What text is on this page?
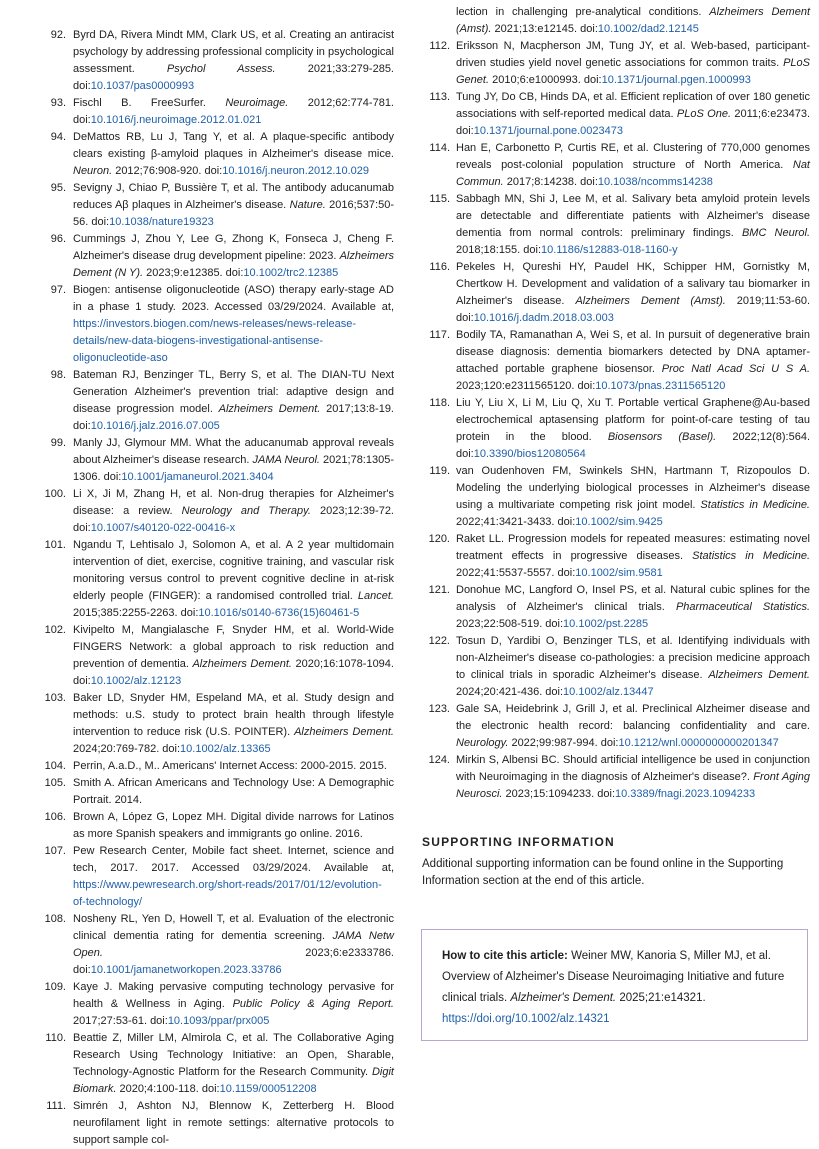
92. Byrd DA, Rivera Mindt MM, Clark US, et al. Creating an antiracist psychology by addressing professional complicity in psychological assessment. Psychol Assess. 2021;33:279-285. doi:10.1037/pas0000993
93. Fischl B. FreeSurfer. Neuroimage. 2012;62:774-781. doi:10.1016/j.neuroimage.2012.01.021
94. DeMattos RB, Lu J, Tang Y, et al. A plaque-specific antibody clears existing β-amyloid plaques in Alzheimer's disease mice. Neuron. 2012;76:908-920. doi:10.1016/j.neuron.2012.10.029
95. Sevigny J, Chiao P, Bussière T, et al. The antibody aducanumab reduces Aβ plaques in Alzheimer's disease. Nature. 2016;537:50-56. doi:10.1038/nature19323
96. Cummings J, Zhou Y, Lee G, Zhong K, Fonseca J, Cheng F. Alzheimer's disease drug development pipeline: 2023. Alzheimers Dement (N Y). 2023;9:e12385. doi:10.1002/trc2.12385
97. Biogen: antisense oligonucleotide (ASO) therapy early-stage AD in a phase 1 study. 2023. Accessed 03/29/2024. Available at, https://investors.biogen.com/news-releases/news-release-details/new-data-biogens-investigational-antisense-oligonucleotide-aso
98. Bateman RJ, Benzinger TL, Berry S, et al. The DIAN-TU Next Generation Alzheimer's prevention trial: adaptive design and disease progression model. Alzheimers Dement. 2017;13:8-19. doi:10.1016/j.jalz.2016.07.005
99. Manly JJ, Glymour MM. What the aducanumab approval reveals about Alzheimer's disease research. JAMA Neurol. 2021;78:1305-1306. doi:10.1001/jamaneurol.2021.3404
100. Li X, Ji M, Zhang H, et al. Non-drug therapies for Alzheimer's disease: a review. Neurology and Therapy. 2023;12:39-72. doi:10.1007/s40120-022-00416-x
101. Ngandu T, Lehtisalo J, Solomon A, et al. A 2 year multidomain intervention of diet, exercise, cognitive training, and vascular risk monitoring versus control to prevent cognitive decline in at-risk elderly people (FINGER): a randomised controlled trial. Lancet. 2015;385:2255-2263. doi:10.1016/s0140-6736(15)60461-5
102. Kivipelto M, Mangialasche F, Snyder HM, et al. World-Wide FINGERS Network: a global approach to risk reduction and prevention of dementia. Alzheimers Dement. 2020;16:1078-1094. doi:10.1002/alz.12123
103. Baker LD, Snyder HM, Espeland MA, et al. Study design and methods: u.S. study to protect brain health through lifestyle intervention to reduce risk (U.S. POINTER). Alzheimers Dement. 2024;20:769-782. doi:10.1002/alz.13365
104. Perrin, A.a.D., M.. Americans' Internet Access: 2000-2015. 2015.
105. Smith A. African Americans and Technology Use: A Demographic Portrait. 2014.
106. Brown A, López G, Lopez MH. Digital divide narrows for Latinos as more Spanish speakers and immigrants go online. 2016.
107. Pew Research Center, Mobile fact sheet. Internet, science and tech, 2017. 2017. Accessed 03/29/2024. Available at, https://www.pewresearch.org/short-reads/2017/01/12/evolution-of-technology/
108. Nosheny RL, Yen D, Howell T, et al. Evaluation of the electronic clinical dementia rating for dementia screening. JAMA Netw Open. 2023;6:e2333786. doi:10.1001/jamanetworkopen.2023.33786
109. Kaye J. Making pervasive computing technology pervasive for health & Wellness in Aging. Public Policy & Aging Report. 2017;27:53-61. doi:10.1093/ppar/prx005
110. Beattie Z, Miller LM, Almirola C, et al. The Collaborative Aging Research Using Technology Initiative: an Open, Sharable, Technology-Agnostic Platform for the Research Community. Digit Biomark. 2020;4:100-118. doi:10.1159/000512208
111. Simrén J, Ashton NJ, Blennow K, Zetterberg H. Blood neurofilament light in remote settings: alternative protocols to support sample col-
lection in challenging pre-analytical conditions. Alzheimers Dement (Amst). 2021;13:e12145. doi:10.1002/dad2.12145
112. Eriksson N, Macpherson JM, Tung JY, et al. Web-based, participant-driven studies yield novel genetic associations for common traits. PLoS Genet. 2010;6:e1000993. doi:10.1371/journal.pgen.1000993
113. Tung JY, Do CB, Hinds DA, et al. Efficient replication of over 180 genetic associations with self-reported medical data. PLoS One. 2011;6:e23473. doi:10.1371/journal.pone.0023473
114. Han E, Carbonetto P, Curtis RE, et al. Clustering of 770,000 genomes reveals post-colonial population structure of North America. Nat Commun. 2017;8:14238. doi:10.1038/ncomms14238
115. Sabbagh MN, Shi J, Lee M, et al. Salivary beta amyloid protein levels are detectable and differentiate patients with Alzheimer's disease dementia from normal controls: preliminary findings. BMC Neurol. 2018;18:155. doi:10.1186/s12883-018-1160-y
116. Pekeles H, Qureshi HY, Paudel HK, Schipper HM, Gornistky M, Chertkow H. Development and validation of a salivary tau biomarker in Alzheimer's disease. Alzheimers Dement (Amst). 2019;11:53-60. doi:10.1016/j.dadm.2018.03.003
117. Bodily TA, Ramanathan A, Wei S, et al. In pursuit of degenerative brain disease diagnosis: dementia biomarkers detected by DNA aptamer-attached portable graphene biosensor. Proc Natl Acad Sci U S A. 2023;120:e2311565120. doi:10.1073/pnas.2311565120
118. Liu Y, Liu X, Li M, Liu Q, Xu T. Portable vertical Graphene@Au-based electrochemical aptasensing platform for point-of-care testing of tau protein in the blood. Biosensors (Basel). 2022;12(8):564. doi:10.3390/bios12080564
119. van Oudenhoven FM, Swinkels SHN, Hartmann T, Rizopoulos D. Modeling the underlying biological processes in Alzheimer's disease using a multivariate competing risk joint model. Statistics in Medicine. 2022;41:3421-3433. doi:10.1002/sim.9425
120. Raket LL. Progression models for repeated measures: estimating novel treatment effects in progressive diseases. Statistics in Medicine. 2022;41:5537-5557. doi:10.1002/sim.9581
121. Donohue MC, Langford O, Insel PS, et al. Natural cubic splines for the analysis of Alzheimer's clinical trials. Pharmaceutical Statistics. 2023;22:508-519. doi:10.1002/pst.2285
122. Tosun D, Yardibi O, Benzinger TLS, et al. Identifying individuals with non-Alzheimer's disease co-pathologies: a precision medicine approach to clinical trials in sporadic Alzheimer's disease. Alzheimers Dement. 2024;20:421-436. doi:10.1002/alz.13447
123. Gale SA, Heidebrink J, Grill J, et al. Preclinical Alzheimer disease and the electronic health record: balancing confidentiality and care. Neurology. 2022;99:987-994. doi:10.1212/wnl.0000000000201347
124. Mirkin S, Albensi BC. Should artificial intelligence be used in conjunction with Neuroimaging in the diagnosis of Alzheimer's disease?. Front Aging Neurosci. 2023;15:1094233. doi:10.3389/fnagi.2023.1094233
SUPPORTING INFORMATION

Additional supporting information can be found online in the Supporting Information section at the end of this article.

How to cite this article: Weiner MW, Kanoria S, Miller MJ, et al. Overview of Alzheimer's Disease Neuroimaging Initiative and future clinical trials. Alzheimer's Dement. 2025;21:e14321. https://doi.org/10.1002/alz.14321
